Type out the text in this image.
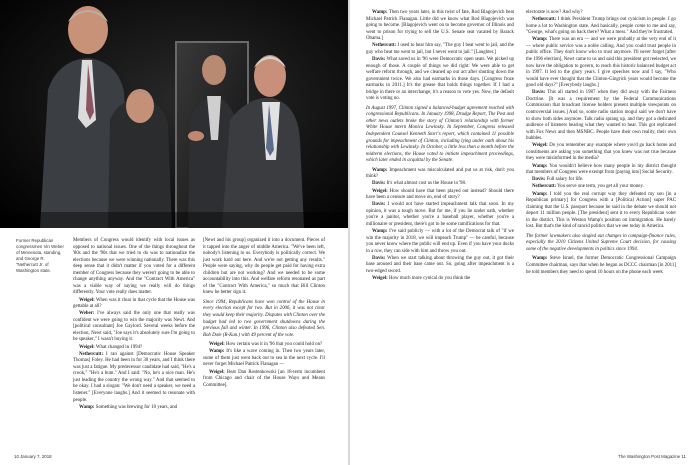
Former Republican congressmen Vin Weber of Minnesota, standing, and George R. "Nethercutt Jr. of Washington state.

Members of Congress would identify with local issues as opposed to national issues. One of the things throughout the '80s and the '90s that we tried to do was to nationalize the elections because we were winning nationally. There was this deep sense that it didn't matter if you voted for a different member of Congress because they weren't going to be able to change anything anyway. And the "Contract With America" was a viable way of saying we really will do things differently. Your vote really does matter.

Weigel: When was it clear in that cycle that the House was gettable at all?

Weber: I've always said the only one that really was confident we were going to win the majority was Newt. And [political consultant] Joe Gaylord. Several weeks before the election, Newt said, "Joe says it's absolutely sure I'm going to be speaker," I wasn't buying it.

Weigel: What changed in 1994?

Nethercutt: I ran against [Democratic House Speaker Thomas] Foley. He had been in for 30 years, and I think there was just a fatigue. My predecessor candidate had said, "He's a crook," "He's a bum." And I said: "No, he's a nice man. He's just leading the country the wrong way." And that seemed to be okay. I had a slogan: "We don't need a speaker, we need a listener." [Everyone laughs.] And it seemed to resonate with people.

Wamp: Something was brewing for 10 years, and

[Newt and his group] organized it into a document. Pieces of it tapped into the anger of middle America. "We've been left, nobody's listening to us. Everybody is politically correct. We just work hard out here. And we're not getting any results." People were saying, why do people get paid for having extra children but are not working? And we needed to be some accountability into this. And welfare reform resonated as part of the "Contract With America," so much that Bill Clinton knew he better sign it.

Since 1994, Republicans have won control of the House in every election except for two. But in 2006, it was not clear they would keep their majority. Disputes with Clinton over the budget had led to two government shutdowns during the previous fall and winter. In 1996, Clinton also defeated Sen. Bob Dole (R-Kan.) with 49 percent of the vote.

Weigel: How certain was it in '96 that you could hold on?

Wamp: It's like a wave coming in. Then two years later, some of them just went back out to sea in the next cycle. I'll never forget Michael Patrick Flanagan —

Weigel: Beat Dan Rostenkowski [an 18-term incumbent from Chicago and chair of the House Ways and Means Committee].

10 January 7, 2018

Wamp: Then two years later, in this twist of fate, Rod Blagojevich beat Michael Patrick Flanagan. Little did we know what Rod Blagojevich was going to become. [Blagojevich went on to become governor of Illinois and went to prison for trying to sell the U.S. Senate seat vacated by Barack Obama.]

Nethercutt: I used to hear him say, "The guy I beat went to jail, and the guy who beat me went to jail, but I never went to jail." [Laughter.]

Davis: What saved us in '96 were Democratic open seats. We picked up enough of those. A couple of things we did right: We were able to get welfare reform through, and we cleaned up our act after shutting down the government twice. We also had earmarks in those days. [Congress froze earmarks in 2011.] It's the grease that holds things together. If I had a bridge in there or an interchange, it's a reason to vote yes. Now, the default vote is voting no.

In August 1997, Clinton signed a balanced-budget agreement reached with congressional Republicans. In January 1998, Drudge Report, The Post and other news outlets broke the story of Clinton's relationship with former White House intern Monica Lewinsky. In September, Congress released Independent Counsel Kenneth Starr's report, which contained 11 possible grounds for impeachment of Clinton, including lying under oath about his relationship with Lewinsky. In October, a little less than a month before the midterm elections, the House voted to initiate impeachment proceedings, which later ended in acquittal by the Senate.

Wamp: Impeachment was miscalculated and put us at risk, don't you think?

Davis: It's what almost cost us the House in '98.

Weigel: How should have that been played out instead? Should there have been a censure and move on, end of story?

Davis: I would not have started impeachment talk that soon. In my opinion, it was a tough move. But for me, if you lie under oath, whether you're a janitor, whether you're a baseball player, whether you're a millionaire or president, there's got to be some ramifications for that.

Wamp: I've said publicly — with a lot of the Democrat talk of "if we win the majority in 2018, we will impeach Trump" — be careful, because you never know where the public will end up. Even if you have your ducks in a row, they can side with him and throw you out.

Davis: When we start talking about throwing the guy out, it got their base aroused and their base came out. So, going after impeachment is a two-edged sword.

Weigel: How much more cynical do you think the

electorate is now? And why?

Nethercutt: I think President Trump brings out cynicism in people. I go home a lot to Washington state. And basically, people come to me and say, "George, what's going on back there? What a mess." And they're frustrated.

Wamp: There was an era — and we were probably at the very end of it — where public service was a noble calling. And you could trust people in public office. They don't know who to trust anymore. I'll never forget [after the 1996 election], Newt came to us and said this president got reelected, we now have the obligation to govern, to reach this historic balanced budget act in 1997. It led to the glory years. I give speeches now and I say, "Who would have ever thought that the Clinton-Gingrich years would become the good old days?" [Everybody laughs.]

Davis: This all started in 1987 when they did away with the Fairness Doctrine. [It was a requirement by the Federal Communications Commission that broadcast license holders present multiple viewpoints on controversial issues.] And so, some radio station mogul said we don't have to show both sides anymore. Talk radio sprang up, and they got a dedicated audience of listeners hearing what they wanted to hear. This got replicated with Fox News and then MSNBC. People have their own reality, their own bubbles.

Weigel: Do you remember any example where you'd go back home and constituents are asking you something that you knew was not true because they were misinformed in the media?

Wamp: You wouldn't believe how many people in my district thought that members of Congress were exempt from [paying into] Social Security.

Davis: Full salary for life.

Nethercutt: You serve one term, you get all your money.

Wamp: I told you the real corrupt way they defeated my son [in a Republican primary] for Congress with a [Political Action] super PAC claiming that the U.S. passport because he said in the debate we should not deport 11 million people. [The president] sent it to every Republican voter in the district. This is Weston Wamp's position on immigration. He barely lost. But that's the kind of rancid politics that we see today in America.

The former lawmakers also singled out changes in campaign-finance rules, especially the 2010 Citizens United Supreme Court decision, for causing some of the negative developments in politics since 1994.

Wamp: Steve Israel, the former Democratic Congressional Campaign Committee chairman, says that when he began as DCCC chairman [in 2011] he told members they need to spend 10 hours on the phone each week

The Washington Post Magazine 11
